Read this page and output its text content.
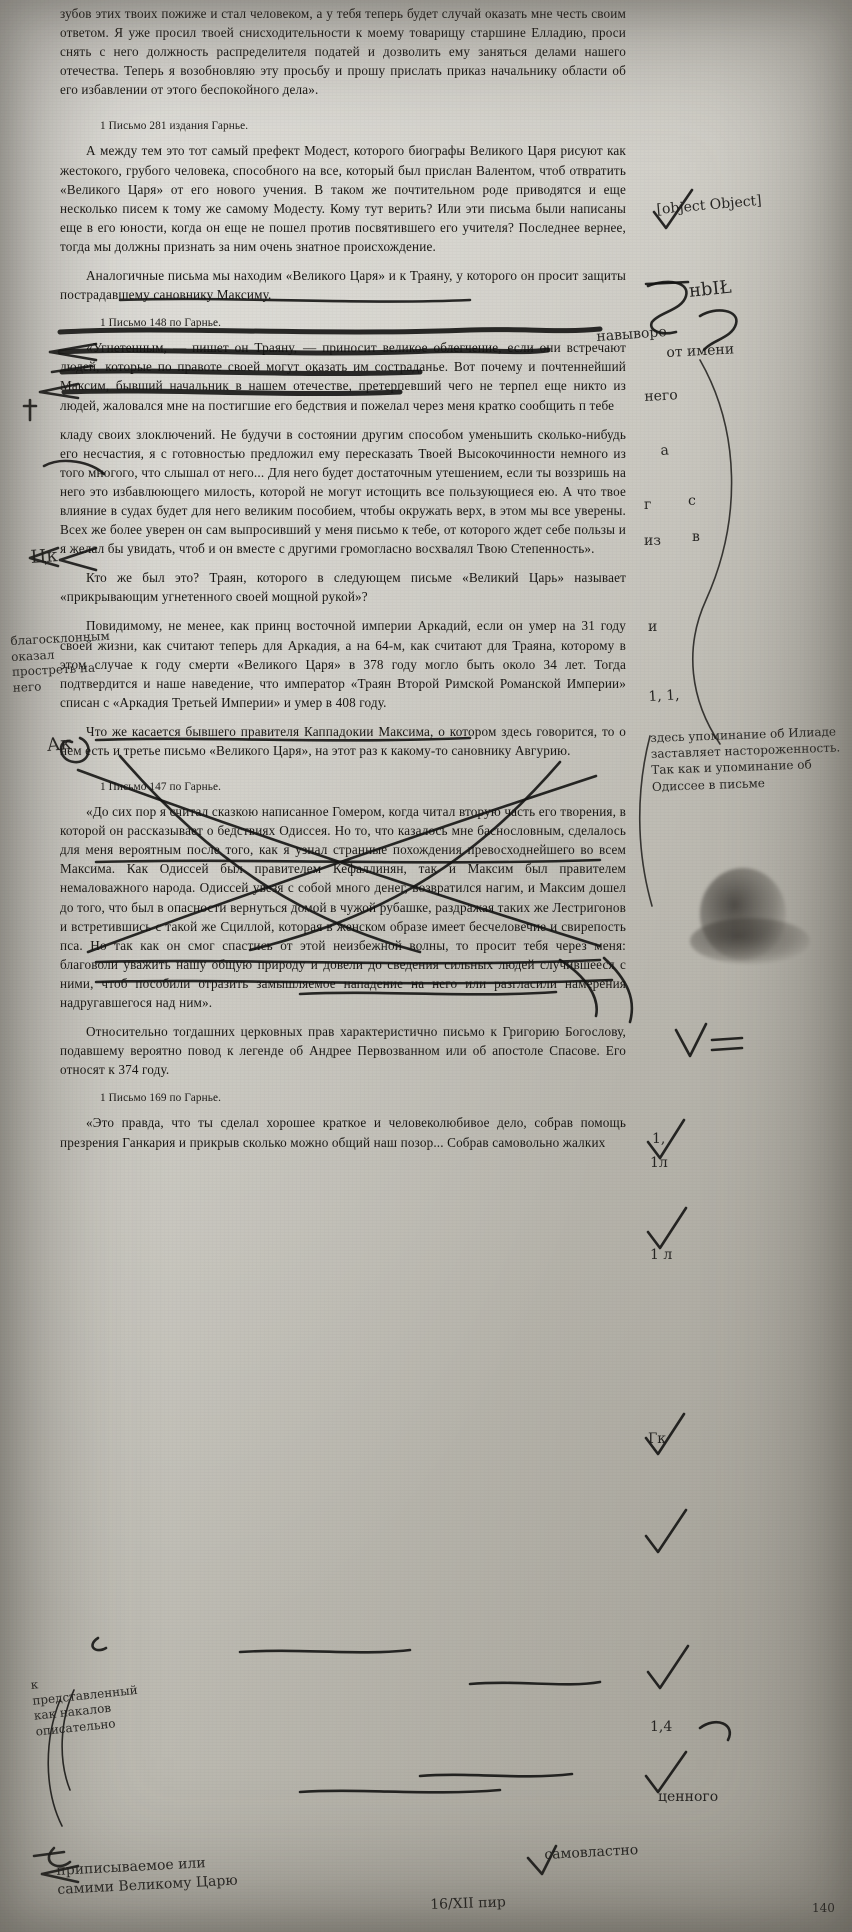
зубов этих твоих пожиже и стал человеком, а у тебя теперь будет случай оказать мне честь своим ответом. Я уже просил твоей снисходительности к моему товарищу старшине Елладию, проси снять с него должность распределителя податей и дозволить ему заняться делами нашего отечества. Теперь я возобновляю эту просьбу и прошу прислать приказ начальнику области об его избавлении от этого беспокойного дела».

1 Письмо 281 издания Гарнье.

А между тем это тот самый префект Модест, которого биографы Великого Царя рисуют как жестокого, грубого человека, способного на все, который был прислан Валентом, чтоб отвратить «Великого Царя» от его нового учения. В таком же почтительном роде приводятся и еще несколько писем к тому же самому Модесту. Кому тут верить? Или эти письма были написаны еще в его юности, когда он еще не пошел против посвятившего его учителя? Последнее вернее, тогда мы должны признать за ним очень знатное происхождение.

Аналогичные письма мы находим «Великого Царя» и к Траяну, у которого он просит защиты пострадавшему сановнику Максиму.

1 Письмо 148 по Гарнье.

«Угнетенным, — пишет он Траяну, — приносит великое облегчение, если они встречают людей, которые по правоте своей могут оказать им состраданье. Вот почему и почтеннейший Максим, бывший начальник в нашем отечестве, претерпевший чего не терпел еще никто из людей, жаловался мне на постигшие его бедствия и пожелал через меня кратко сообщить п тебе

кладу своих злоключений. Не будучи в состоянии другим способом уменьшить сколько-нибудь его несчастия, я с готовностью предложил ему пересказать Твоей Высокочинности немного из того многого, что слышал от него... Для него будет достаточным утешением, если ты воззришь на него это избавлюющего милость, которой не могут истощить все пользующиеся ею. А что твое влияние в судах будет для него великим пособием, чтобы окружать верх, в этом мы все уверены. Всех же более уверен он сам выпросивший у меня письмо к тебе, от которого ждет себе пользы и я желал бы увидать, чтоб и он вместе с другими громогласно восхвалял Твою Степенность».

Кто же был это? Траян, которого в следующем письме «Великий Царь» называет «прикрывающим угнетенного своей мощной рукой»?

Повидимому, не менее, как принц восточной империи Аркадий, если он умер на 31 году своей жизни, как считают теперь для Аркадия, а на 64-м, как считают для Траяна, которому в этом случае к году смерти «Великого Царя» в 378 году могло быть около 34 лет. Тогда подтвердится и наше наведение, что император «Траян Второй Римской Романской Империи» списан с «Аркадия Третьей Империи» и умер в 408 году.

Что же касается бывшего правителя Каппадокии Максима, о котором здесь говорится, то о нем есть и третье письмо «Великого Царя», на этот раз к какому-то сановнику Авгурию.

1 Письмо 147 по Гарнье.

«До сих пор я считал сказкою написанное Гомером, когда читал вторую часть его творения, в которой он рассказывает о бедствиях Одиссея. Но то, что казалось мне баснословным, сделалось для меня вероятным после того, как я узнал странные похождения превосходнейшего во всем Максима. Как Одиссей был правителем Кефаллинян, так и Максим был правителем немаловажного народа. Одиссей увезя с собой много денег, возвратился нагим, и Максим дошел до того, что был в опасности вернуться домой в чужой рубашке, раздражая таких же Лестригонов и встретившись с такой же Сциллой, которая в женском образе имеет бесчеловечие и свирепость пса. Но так как он смог спастись от этой неизбежной волны, то просит тебя через меня: благоволи уважить нашу общую природу и довели до сведения сильных людей случившееся с ними, чтоб пособили отразить замышляемое нападение на него или разгласили намерения надругавшегося над ним».

Относительно тогдашних церковных прав характеристично письмо к Григорию Богослову, подавшему вероятно повод к легенде об Андрее Первозванном или об апостоле Спасове. Его относят к 374 году.

1 Письмо 169 по Гарнье.

«Это правда, что ты сделал хорошее краткое и человеколюбивое дело, собрав помощь презрения Ганкария и прикрыв сколько можно общий наш позор... Собрав самовольно жалких

[object Object]
нbIŁ
навыворо
от имени
него
а
г	с
из в
и
1, 1,
здесь упоминание об Илиаде заставляет настороженность. Так как и упоминание об Одиссее в письме
1,
1л
1 л
Гк
1,4
ценного
Цк
благосклонным оказал простреть на него
Ак
к представленный как накалов описательно
приписываемое или самими Великому Царю
самовластно
16/XII пир	140
